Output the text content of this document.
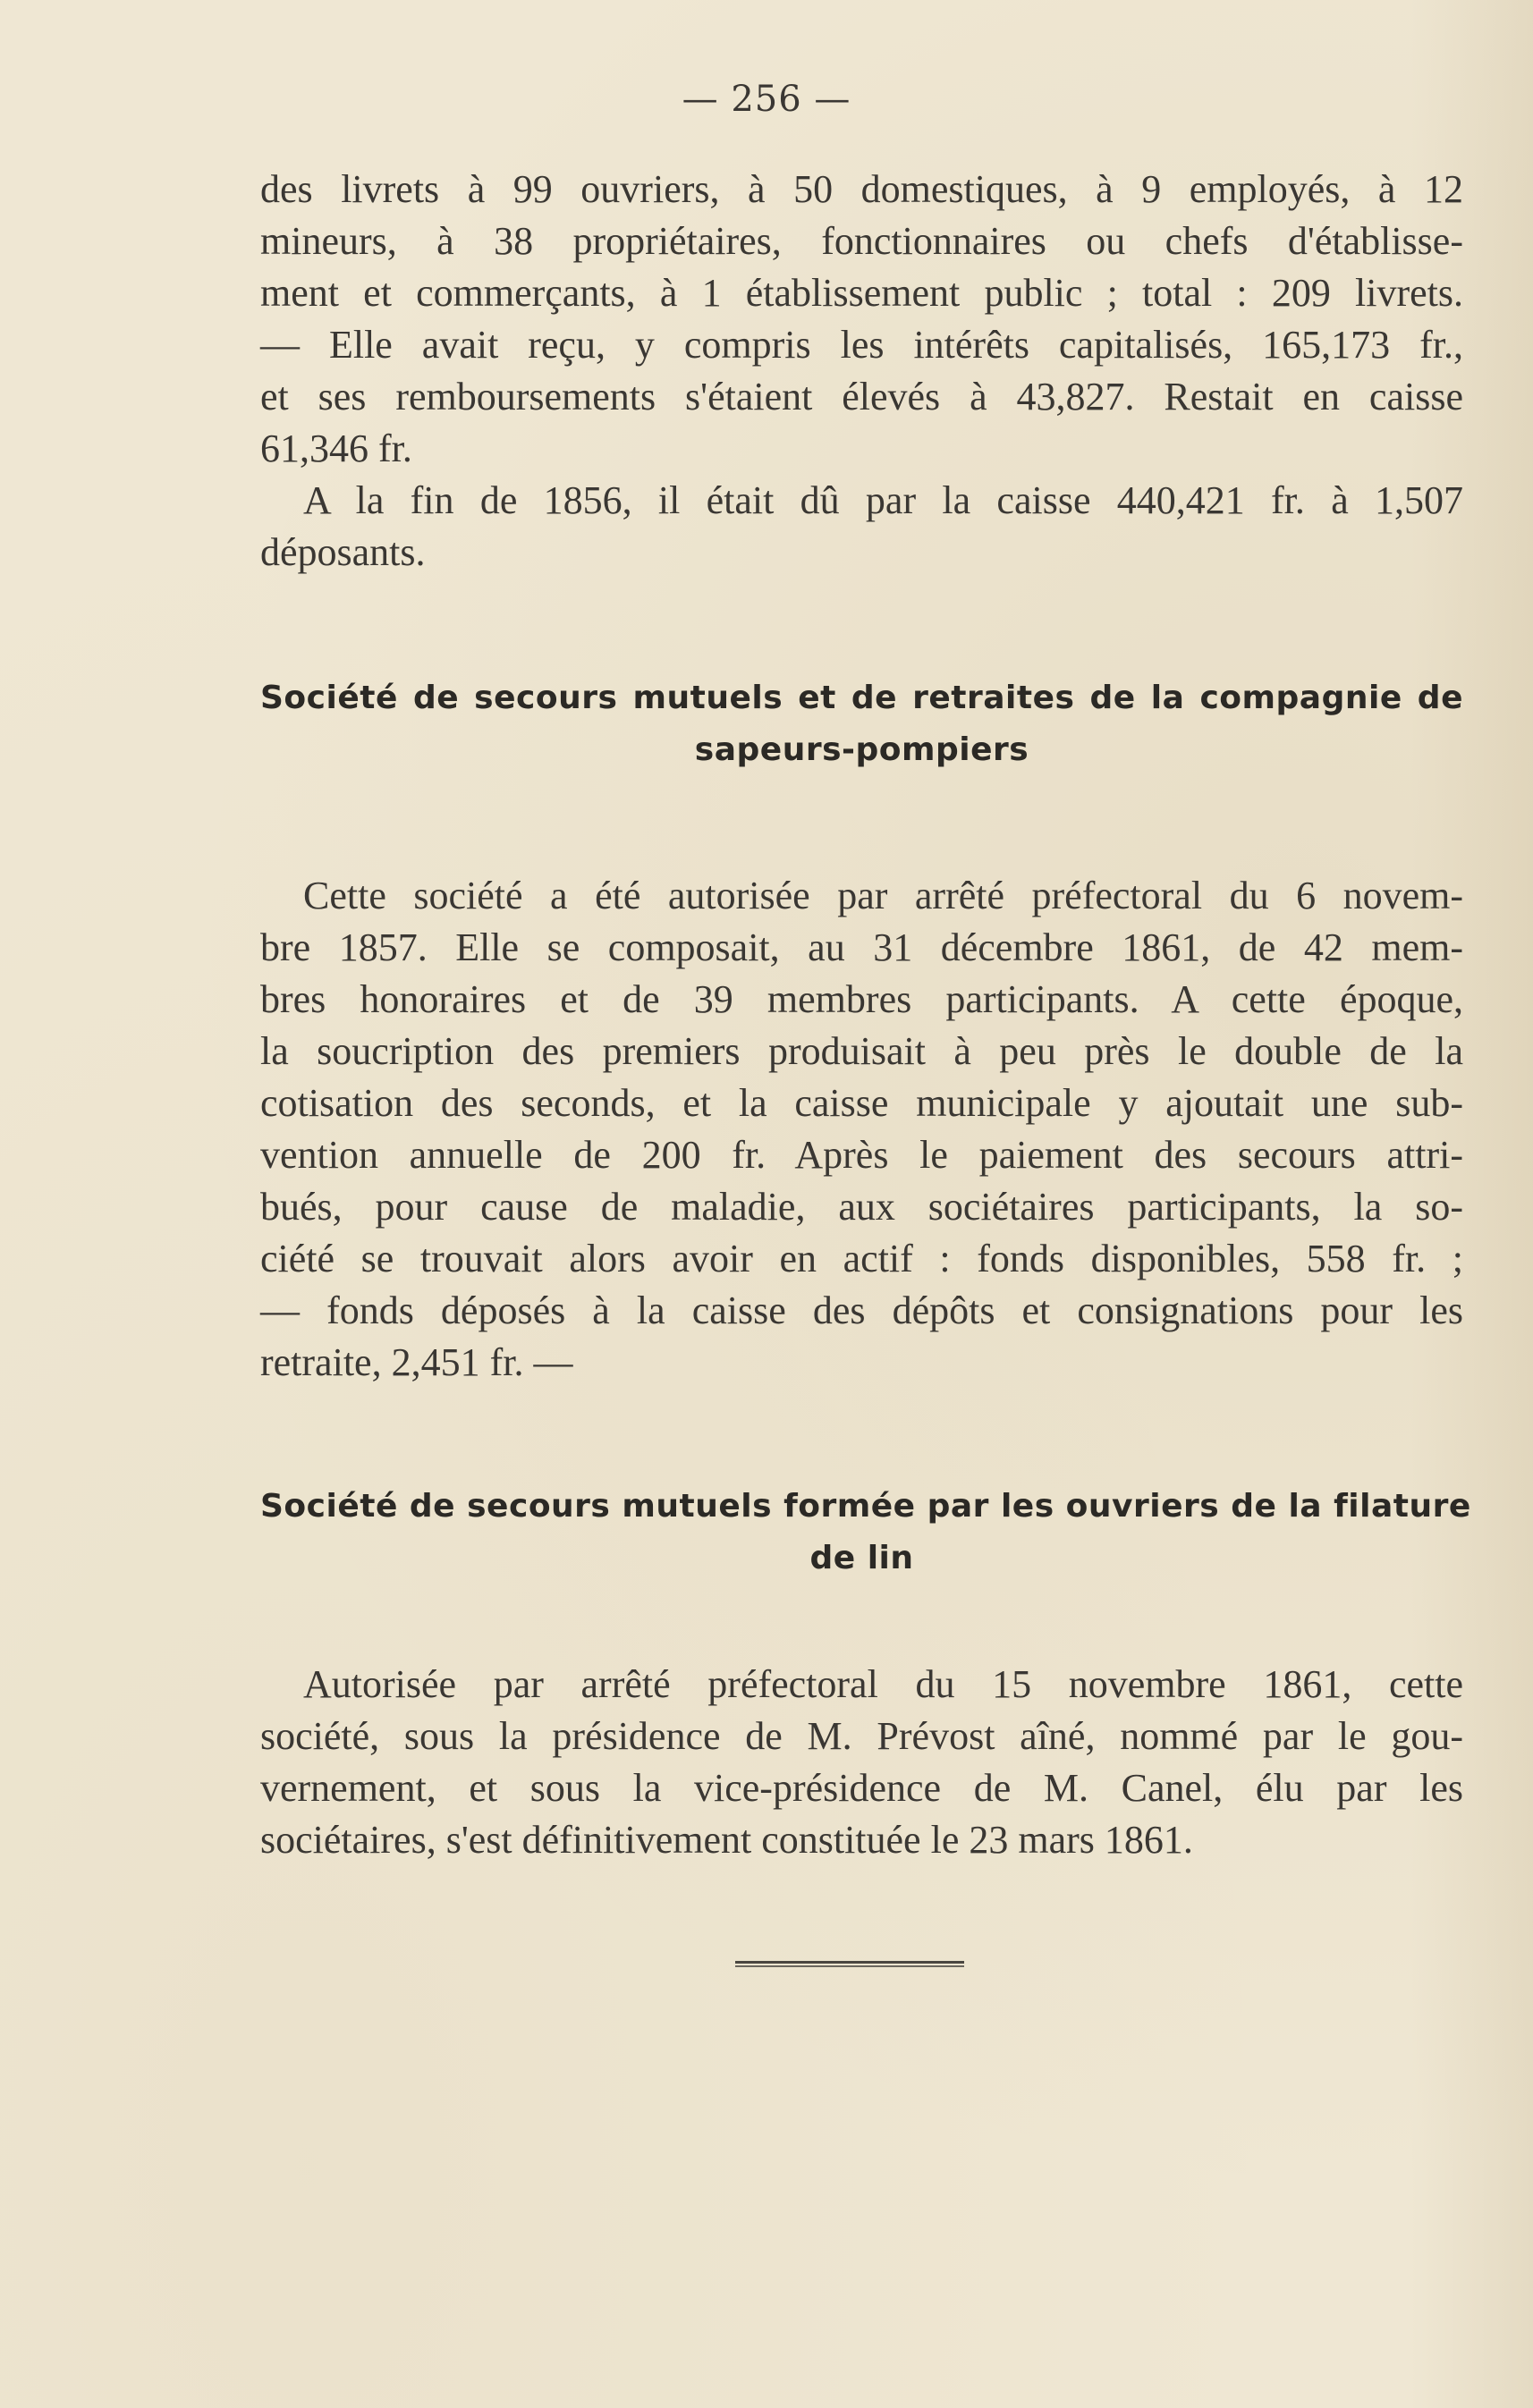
— 256 —

des livrets à 99 ouvriers, à 50 domestiques, à 9 employés, à 12

mineurs, à 38 propriétaires, fonctionnaires ou chefs d'établisse-

ment et commerçants, à 1 établissement public ; total : 209 livrets.

— Elle avait reçu, y compris les intérêts capitalisés, 165,173 fr.,

et ses remboursements s'étaient élevés à 43,827. Restait en caisse

61,346 fr.

A la fin de 1856, il était dû par la caisse 440,421 fr. à 1,507

déposants.

Société de secours mutuels et de retraites de la compagnie de
sapeurs-pompiers

Cette société a été autorisée par arrêté préfectoral du 6 novem-

bre 1857. Elle se composait, au 31 décembre 1861, de 42 mem-

bres honoraires et de 39 membres participants. A cette époque,

la soucription des premiers produisait à peu près le double de la

cotisation des seconds, et la caisse municipale y ajoutait une sub-

vention annuelle de 200 fr. Après le paiement des secours attri-

bués, pour cause de maladie, aux sociétaires participants, la so-

ciété se trouvait alors avoir en actif : fonds disponibles, 558 fr. ;

— fonds déposés à la caisse des dépôts et consignations pour les

retraite, 2,451 fr. —

Société de secours mutuels formée par les ouvriers de la filature
de lin

Autorisée par arrêté préfectoral du 15 novembre 1861, cette

société, sous la présidence de M. Prévost aîné, nommé par le gou-

vernement, et sous la vice-présidence de M. Canel, élu par les

sociétaires, s'est définitivement constituée le 23 mars 1861.
